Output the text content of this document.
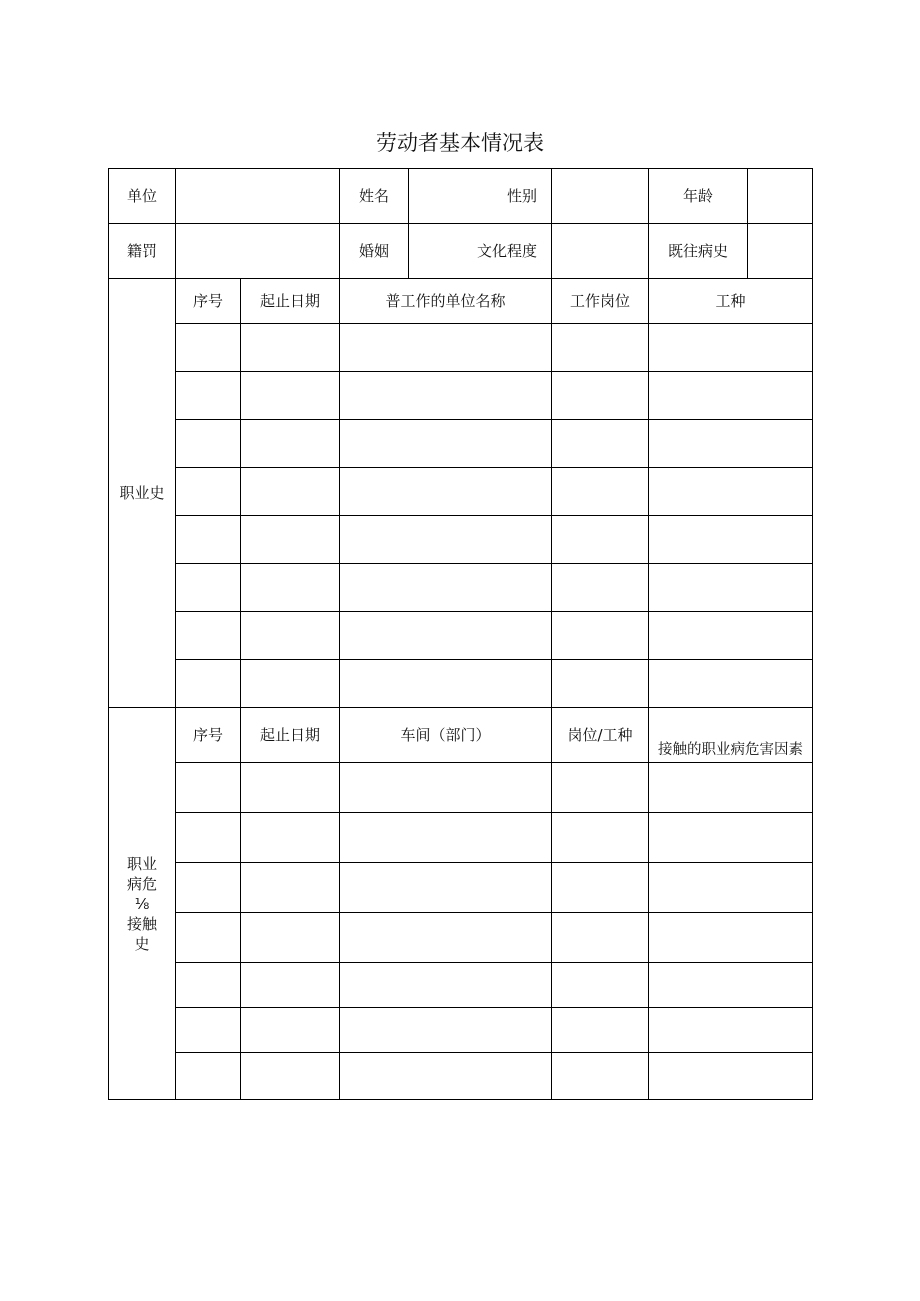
劳动者基本情况表
单位			姓名	性别		年龄	
籍罚			婚姻	文化程度		既往病史	
职业史	序号	起止日期	普工作的单位名称		工作岗位	工种	

职业
病危
⅛
接触
史	序号	起止日期	车间（部门）		岗位/工种	接触的职业病危害因素	
